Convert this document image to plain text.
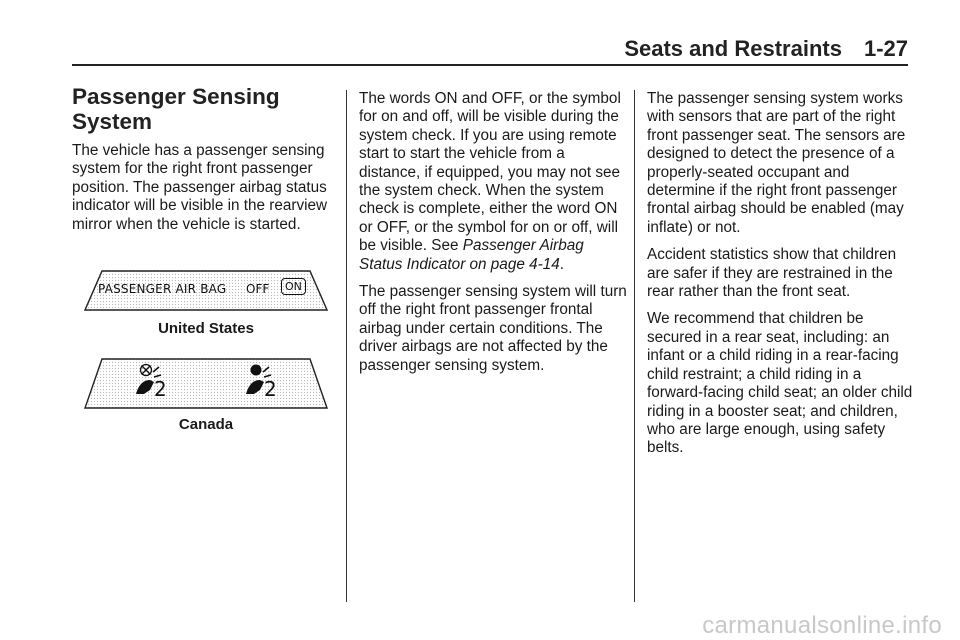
Seats and Restraints 1-27
Passenger Sensing System

The vehicle has a passenger sensing system for the right front passenger position. The passenger airbag status indicator will be visible in the rearview mirror when the vehicle is started.

PASSENGER AIR BAG OFF	ON
United States
2	2
Canada

The words ON and OFF, or the symbol for on and off, will be visible during the system check. If you are using remote start to start the vehicle from a distance, if equipped, you may not see the system check. When the system check is complete, either the word ON or OFF, or the symbol for on or off, will be visible. See Passenger Airbag Status Indicator on page 4-14.

The passenger sensing system will turn off the right front passenger frontal airbag under certain conditions. The driver airbags are not affected by the passenger sensing system.

The passenger sensing system works with sensors that are part of the right front passenger seat. The sensors are designed to detect the presence of a properly-seated occupant and determine if the right front passenger frontal airbag should be enabled (may inflate) or not.

Accident statistics show that children are safer if they are restrained in the rear rather than the front seat.

We recommend that children be secured in a rear seat, including: an infant or a child riding in a rear-facing child restraint; a child riding in a forward-facing child seat; an older child riding in a booster seat; and children, who are large enough, using safety belts.

carmanualsonline.info
